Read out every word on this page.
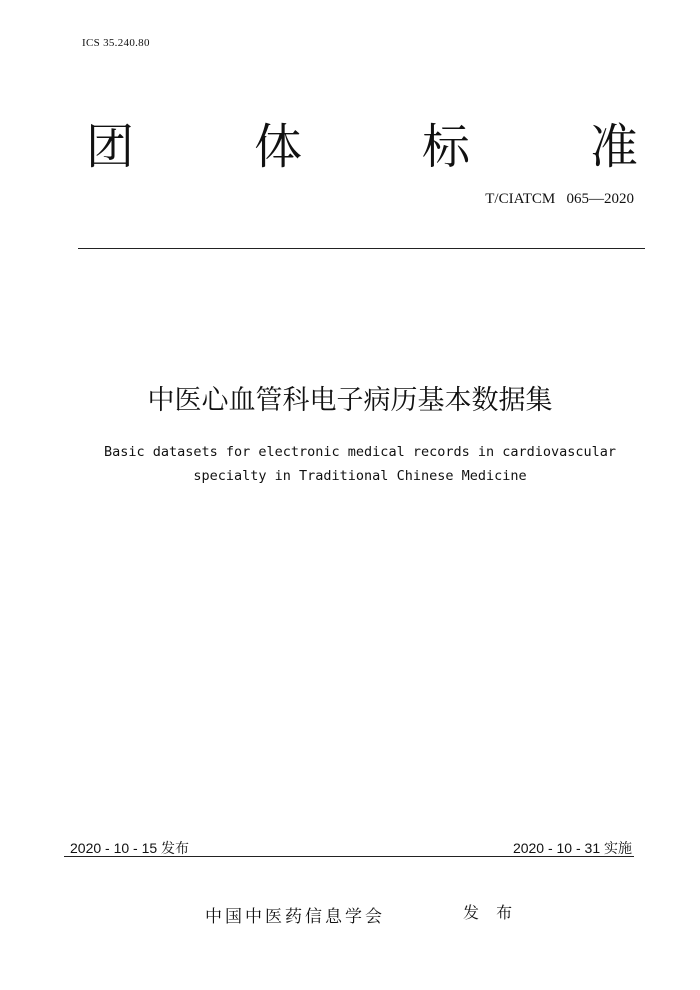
ICS 35.240.80
团 体 标 准
T/CIATCM   065—2020
中医心血管科电子病历基本数据集
Basic datasets for electronic medical records in cardiovascular
specialty in Traditional Chinese Medicine
2020 - 10 - 15 发布	2020 - 10 - 31 实施
中国中医药信息学会	发 布
